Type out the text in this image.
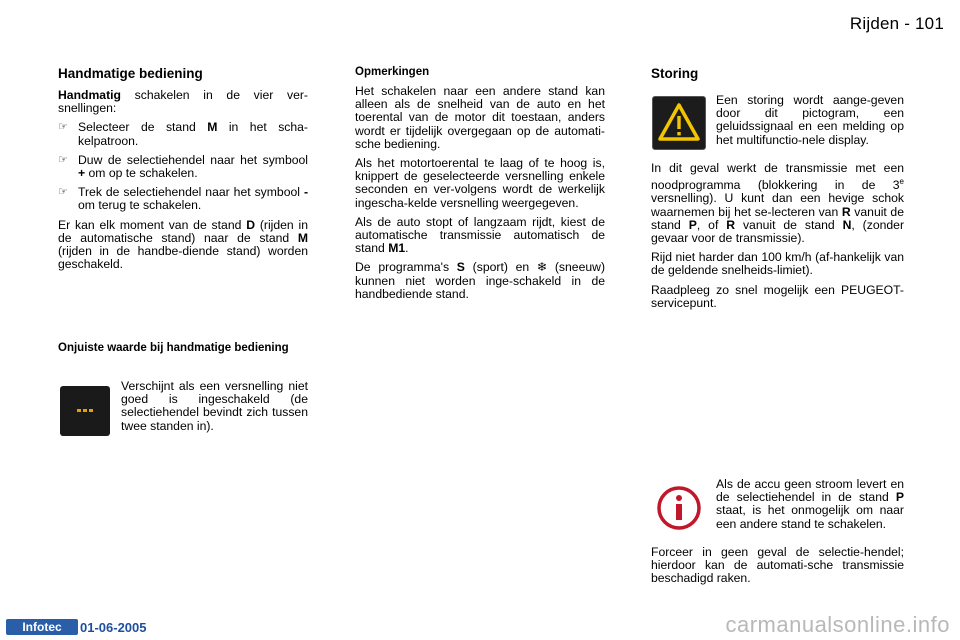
Rijden - 101
Handmatige bediening

Handmatig schakelen in de vier ver-snellingen:

☞ Selecteer de stand M in het scha-kelpatroon.
☞ Duw de selectiehendel naar het symbool + om op te schakelen.
☞ Trek de selectiehendel naar het symbool - om terug te schakelen.

Er kan elk moment van de stand D (rijden in de automatische stand) naar de stand M (rijden in de handbe-diende stand) worden geschakeld.

Onjuiste waarde bij handmatige bediening

Verschijnt als een versnelling niet goed is ingeschakeld (de selectiehendel bevindt zich tussen twee standen in).

Opmerkingen

Het schakelen naar een andere stand kan alleen als de snelheid van de auto en het toerental van de motor dit toestaan, anders wordt er tijdelijk overgegaan op de automati-sche bediening.

Als het motortoerental te laag of te hoog is, knippert de geselecteerde versnelling enkele seconden en ver-volgens wordt de werkelijk ingescha-kelde versnelling weergegeven.

Als de auto stopt of langzaam rijdt, kiest de automatische transmissie automatisch de stand M1.

De programma's S (sport) en ❄ (sneeuw) kunnen niet worden inge-schakeld in de handbediende stand.

Storing

Een storing wordt aange-geven door dit pictogram, een geluidssignaal en een melding op het multifunctio-nele display.

In dit geval werkt de transmissie met een noodprogramma (blokkering in de 3e versnelling). U kunt dan een hevige schok waarnemen bij het se-lecteren van R vanuit de stand P, of R vanuit de stand N, (zonder gevaar voor de transmissie).

Rijd niet harder dan 100 km/h (af-hankelijk van de geldende snelheids-limiet).

Raadpleeg zo snel mogelijk een PEUGEOT-servicepunt.

Als de accu geen stroom levert en de selectiehendel in de stand P staat, is het onmogelijk om naar een andere stand te schakelen.

Forceer in geen geval de selectie-hendel; hierdoor kan de automati-sche transmissie beschadigd raken.

Infotec	01-06-2005	carmanualsonline.info
